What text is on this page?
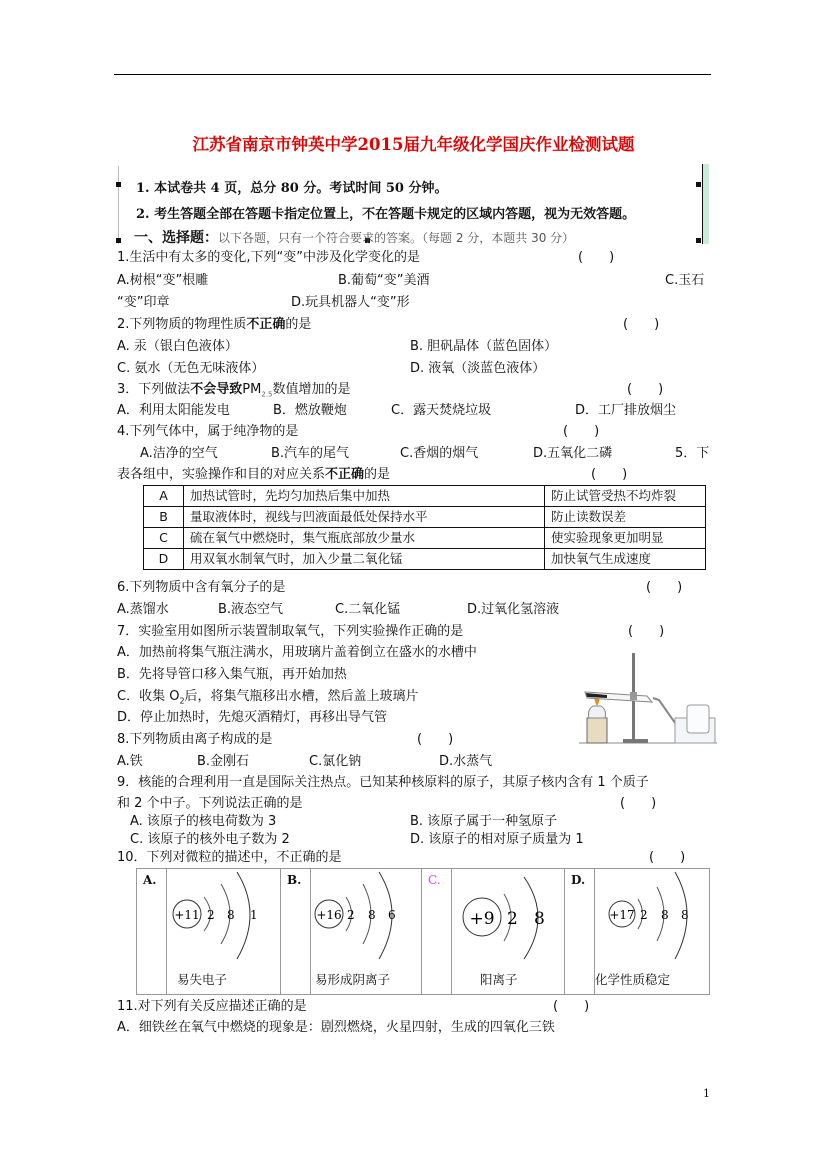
江苏省南京市钟英中学2015届九年级化学国庆作业检测试题
1. 本试卷共 4 页，总分 80 分。考试时间 50 分钟。
2. 考生答题全部在答题卡指定位置上，不在答题卡规定的区域内答题，视为无效答题。
一、选择题：以下各题，只有一个符合要求的答案。（每题 2 分，本题共 30 分）
1.生活中有太多的变化,下列“变”中涉及化学变化的是	(　　)
A.树根“变”根雕	B.葡萄“变”美酒	C.玉石
“变”印章	D.玩具机器人“变”形
2.下列物质的物理性质不正确的是	(　　)
A. 汞（银白色液体）	B. 胆矾晶体（蓝色固体）
C. 氨水（无色无味液体）	D. 液氧（淡蓝色液体）
3．下列做法不会导致$PM_{2.5}$数值增加的是	(　　)
A．利用太阳能发电	B．燃放鞭炮	C．露天焚烧垃圾	D．工厂排放烟尘
4.下列气体中，属于纯净物的是	(　　)
A.洁净的空气	B.汽车的尾气	C.香烟的烟气	D.五氧化二磷	5．下
表各组中，实验操作和目的对应关系不正确的是	(　　)
A	加热试管时，先均匀加热后集中加热	防止试管受热不均炸裂
B	量取液体时，视线与凹液面最低处保持水平	防止读数误差
C	硫在氧气中燃烧时，集气瓶底部放少量水	使实验现象更加明显
D	用双氧水制氧气时，加入少量二氧化锰	加快氧气生成速度
6.下列物质中含有氧分子的是	(　　)
A.蒸馏水	B.液态空气	C.二氧化锰	D.过氧化氢溶液
7．实验室用如图所示装置制取氧气，下列实验操作正确的是	(　　)
A．加热前将集气瓶注满水，用玻璃片盖着倒立在盛水的水槽中
B．先将导管口移入集气瓶，再开始加热
C．收集 $O_2$后，将集气瓶移出水槽，然后盖上玻璃片
D．停止加热时，先熄灭酒精灯，再移出导气管
8.下列物质由离子构成的是	(　　)
A.铁	B.金刚石	C.氯化钠	D.水蒸气
9．核能的合理利用一直是国际关注热点。已知某种核原料的原子，其原子核内含有 1 个质子
和 2 个中子。下列说法正确的是	(　　)
A. 该原子的核电荷数为 3	B. 该原子属于一种氢原子
C. 该原子的核外电子数为 2	D. 该原子的相对原子质量为 1
10．下列对微粒的描述中，不正确的是	(　　)
A.
+11 2 8 1
易失电子
B.
+16 2 8 6
易形成阴离子
C.
+9 2 8
阳离子
D.
+17 2 8 8
化学性质稳定
11.对下列有关反应描述正确的是	(　　)
A．细铁丝在氧气中燃烧的现象是：剧烈燃烧，火星四射，生成的四氧化三铁
1
